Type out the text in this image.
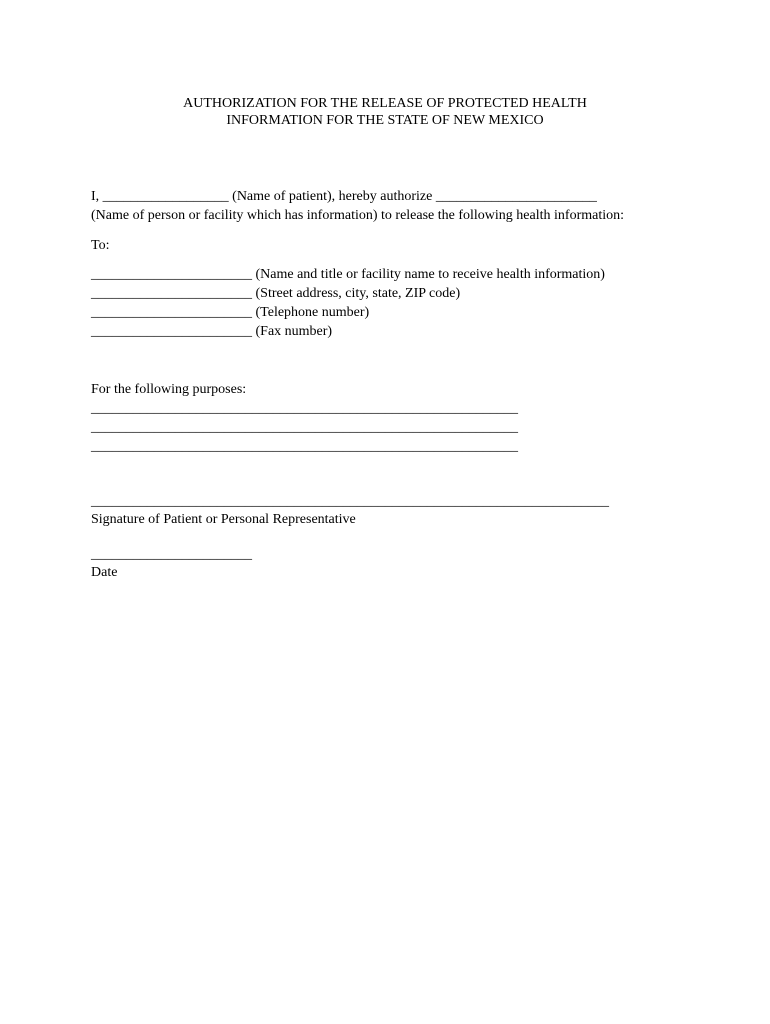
AUTHORIZATION FOR THE RELEASE OF PROTECTED HEALTH
INFORMATION FOR THE STATE OF NEW MEXICO
I, __________________ (Name of patient), hereby authorize _______________________
(Name of person or facility which has information) to release the following health information:
To:
_______________________ (Name and title or facility name to receive health information)
_______________________ (Street address, city, state, ZIP code)
_______________________ (Telephone number)
_______________________ (Fax number)
For the following purposes:
_____________________________________________________________
_____________________________________________________________
_____________________________________________________________
__________________________________________________________________________
Signature of Patient or Personal Representative
_______________________
Date
